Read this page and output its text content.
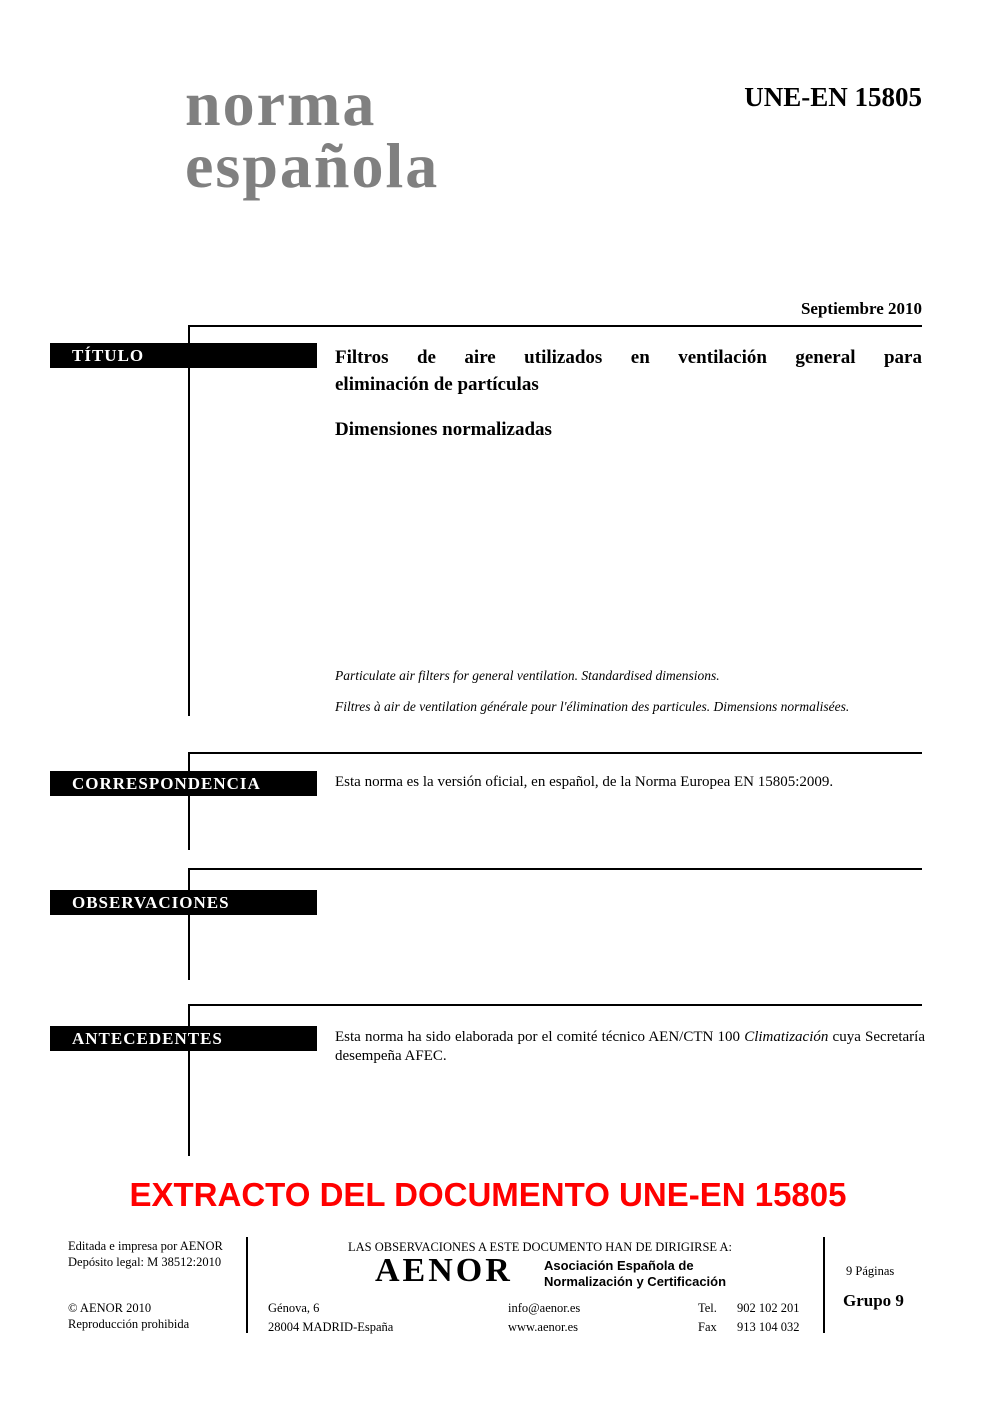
norma
española
UNE-EN 15805
Septiembre 2010
TÍTULO	Filtros de aire utilizados en ventilación general para
eliminación de partículas
Dimensiones normalizadas
Particulate air filters for general ventilation. Standardised dimensions.
Filtres à air de ventilation générale pour l'élimination des particules. Dimensions normalisées.
CORRESPONDENCIA	Esta norma es la versión oficial, en español, de la Norma Europea EN 15805:2009.
OBSERVACIONES
ANTECEDENTES	Esta norma ha sido elaborada por el comité técnico AEN/CTN 100 Climatización cuya Secretaría desempeña AFEC.
EXTRACTO DEL DOCUMENTO UNE-EN 15805
Editada e impresa por AENOR
Depósito legal: M 38512:2010
© AENOR 2010
Reproducción prohibida
LAS OBSERVACIONES A ESTE DOCUMENTO HAN DE DIRIGIRSE A:
AENOR Asociación Española de
Normalización y Certificación
Génova, 6
28004 MADRID-España
info@aenor.es
www.aenor.es
Tel. 902 102 201
Fax 913 104 032
9 Páginas
Grupo 9
